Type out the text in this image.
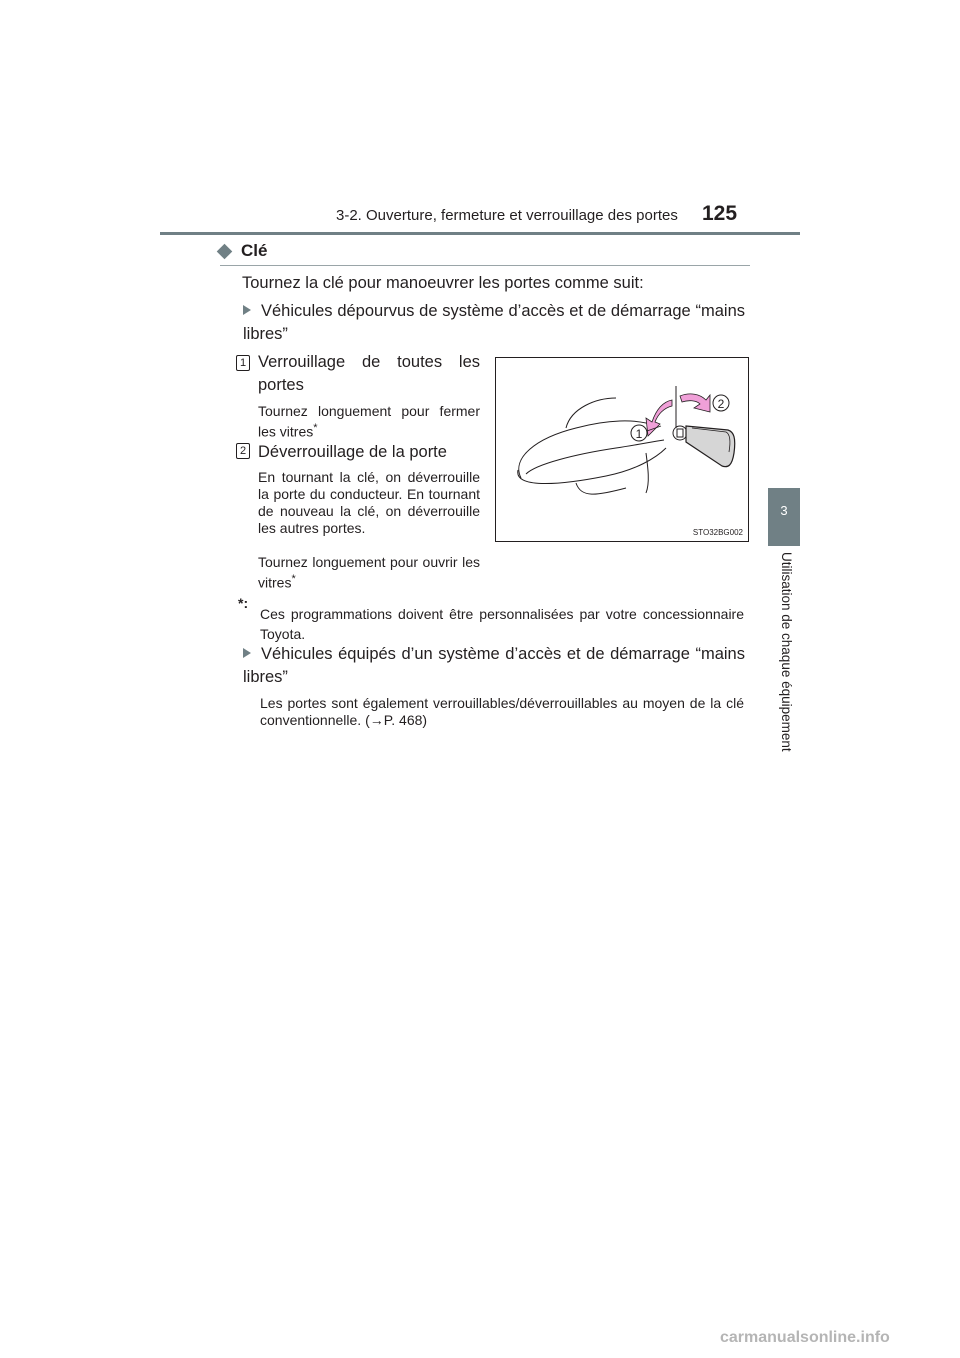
3-2. Ouverture, fermeture et verrouillage des portes 125
3
Utilisation de chaque équipement
Clé
Tournez la clé pour manoeuvrer les portes comme suit:
Véhicules dépourvus de système d’accès et de démarrage “mains libres”
1 Verrouillage de toutes les portes
Tournez longuement pour fermer les vitres*
2 Déverrouillage de la porte
En tournant la clé, on déverrouille la porte du conducteur. En tournant de nouveau la clé, on déverrouille les autres portes.
Tournez longuement pour ouvrir les vitres*
1
2
STO32BG002
*:
Ces programmations doivent être personnalisées par votre concessionnaire Toyota.
Véhicules équipés d’un système d’accès et de démarrage “mains libres”
Les portes sont également verrouillables/déverrouillables au moyen de la clé conventionnelle. (→P. 468)
carmanualsonline.info
